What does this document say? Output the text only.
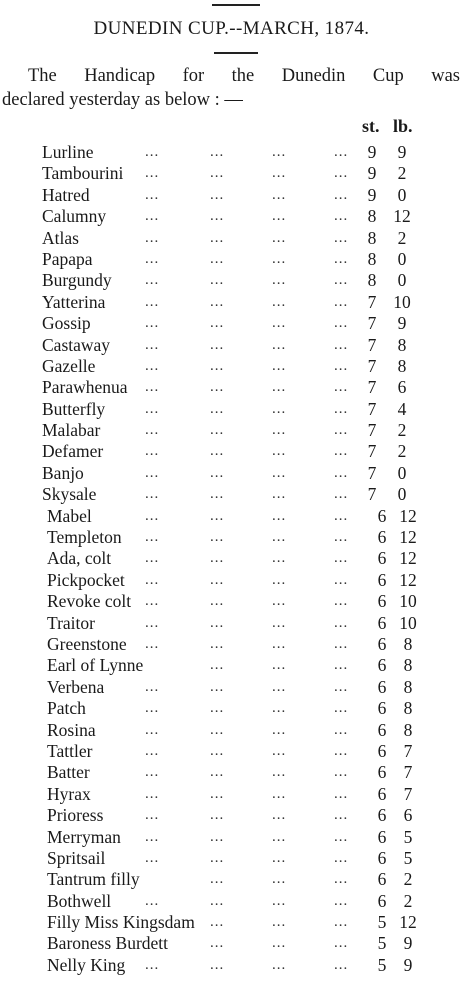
DUNEDIN CUP.--MARCH, 1874.
The Handicap for the Dunedin Cup was
declared yesterday as below : —
st. lb.
Lurline	...	...	...	... 9	9
Tambourini ...	...	...	... 9	2
Hatred	...	...	...	... 9	0
Calumny	...	...	...	... 8 12
Atlas	...	...	...	... 8	2
Papapa	...	...	...	... 8	0
Burgundy ...	...	...	... 8	0
Yatterina	...	...	...	... 7 10
Gossip	...	...	...	... 7	9
Castaway ...	...	...	... 7	8
Gazelle	...	...	...	... 7	8
Parawhenua ...	...	...	... 7	6
Butterfly	...	...	...	... 7	4
Malabar	...	...	...	... 7	2
Defamer	...	...	...	... 7	2
Banjo	...	...	...	... 7	0
Skysale	...	...	...	... 7	0
Mabel	...	...	...	... 6 12
Templeton ...	...	...	... 6 12
Ada, colt ...	...	...	... 6 12
Pickpocket ...	...	...	... 6 12
Revoke colt ...	...	...	... 6 10
Traitor	...	...	...	... 6 10
Greenstone ...	...	...	... 6 8
Earl of Lynne	...	...	... 6 8
Verbena	...	...	...	... 6 8
Patch	...	...	...	... 6 8
Rosina	...	...	...	... 6 8
Tattler	...	...	...	... 6 7
Batter	...	...	...	... 6 7
Hyrax	...	...	...	... 6 7
Prioress	...	...	...	... 6 6
Merryman ...	...	...	... 6 5
Spritsail	...	...	...	... 6 5
Tantrum filly	...	...	... 6 2
Bothwell ...	...	...	... 6 2
Filly Miss Kingsdam ...	...	... 5 12
Baroness Burdett	...	...	... 5 9
Nelly King ...	...	...	... 5 9
